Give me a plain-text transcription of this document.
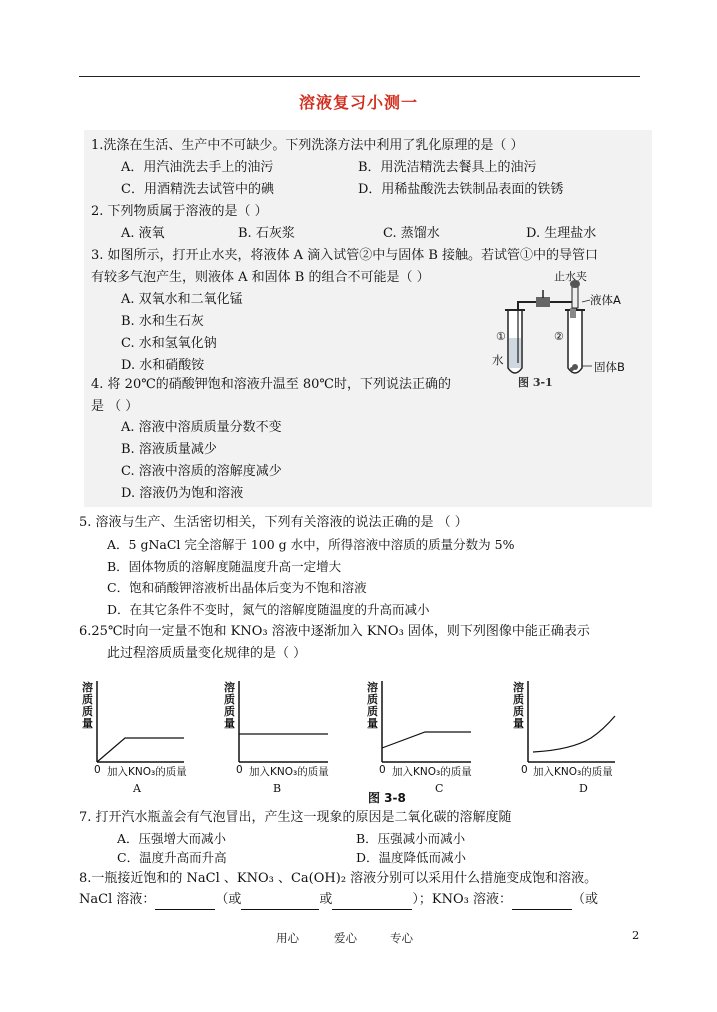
溶液复习小测一
1.洗涤在生活、生产中不可缺少。下列洗涤方法中利用了乳化原理的是（ ）
A．用汽油洗去手上的油污	B．用洗洁精洗去餐具上的油污
C．用酒精洗去试管中的碘	D．用稀盐酸洗去铁制品表面的铁锈
2. 下列物质属于溶液的是（ ）
A. 液氧	B. 石灰浆	C. 蒸馏水	D. 生理盐水
3. 如图所示，打开止水夹，将液体 A 滴入试管②中与固体 B 接触。若试管①中的导管口
有较多气泡产生，则液体 A 和固体 B 的组合不可能是（ ）
A. 双氧水和二氧化锰
B. 水和生石灰
C. 水和氢氧化钠
D. 水和硝酸铵
止水夹
液体A
固体B
水
①	②
图 3-1
4. 将 20℃的硝酸钾饱和溶液升温至 80℃时，下列说法正确的
是 （ ）
A. 溶液中溶质质量分数不变
B. 溶液质量减少
C. 溶液中溶质的溶解度减少
D. 溶液仍为饱和溶液
5. 溶液与生产、生活密切相关，下列有关溶液的说法正确的是 （ ）
A．5 gNaCl 完全溶解于 100 g 水中，所得溶液中溶质的质量分数为 5%
B．固体物质的溶解度随温度升高一定增大
C．饱和硝酸钾溶液析出晶体后变为不饱和溶液
D．在其它条件不变时，氮气的溶解度随温度的升高而减小
6.25℃时向一定量不饱和 KNO₃ 溶液中逐渐加入 KNO₃ 固体，则下列图像中能正确表示
此过程溶质质量变化规律的是（ ）
溶质质量
0 加入KNO₃的质量
A
溶质质量
0 加入KNO₃的质量
B
溶质质量
0 加入KNO₃的质量
C
溶质质量
0 加入KNO₃的质量
D
图 3-8
7. 打开汽水瓶盖会有气泡冒出，产生这一现象的原因是二氧化碳的溶解度随
A．压强增大而减小	B．压强减小而减小
C．温度升高而升高	D．温度降低而减小
8.一瓶接近饱和的 NaCl 、KNO₃ 、Ca(OH)₂ 溶液分别可以采用什么措施变成饱和溶液。
NaCl 溶液：	（或	或	）；KNO₃ 溶液：	（或
用心	爱心	专心	2
